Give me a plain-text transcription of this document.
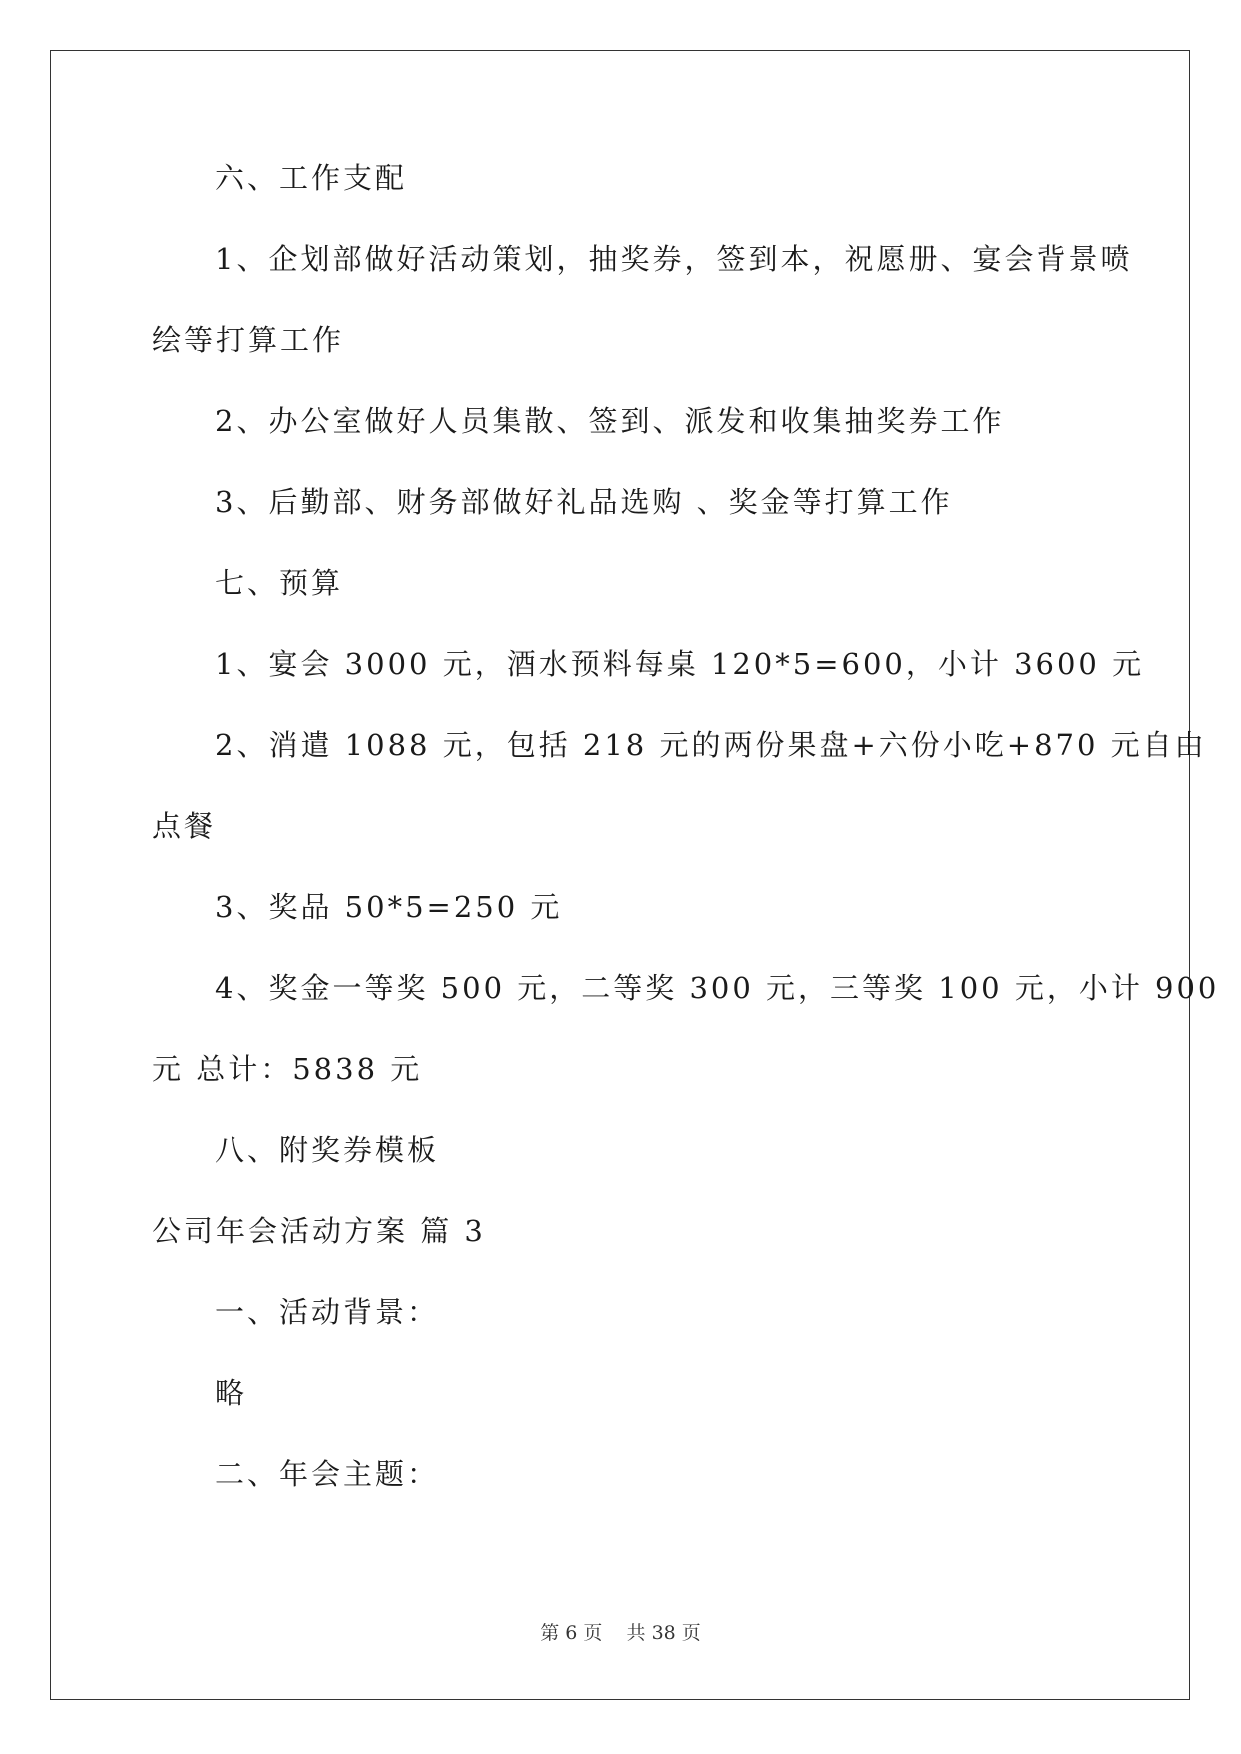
六、工作支配
1、企划部做好活动策划，抽奖券，签到本，祝愿册、宴会背景喷
绘等打算工作
2、办公室做好人员集散、签到、派发和收集抽奖券工作
3、后勤部、财务部做好礼品选购 、奖金等打算工作
七、预算
1、宴会 3000 元，酒水预料每桌 120*5=600，小计 3600 元
2、消遣 1088 元，包括 218 元的两份果盘+六份小吃+870 元自由
点餐
3、奖品 50*5=250 元
4、奖金一等奖 500 元，二等奖 300 元，三等奖 100 元，小计 900
元 总计：5838 元
八、附奖券模板
公司年会活动方案 篇 3
一、活动背景：
略
二、年会主题：
第 6 页    共 38 页
